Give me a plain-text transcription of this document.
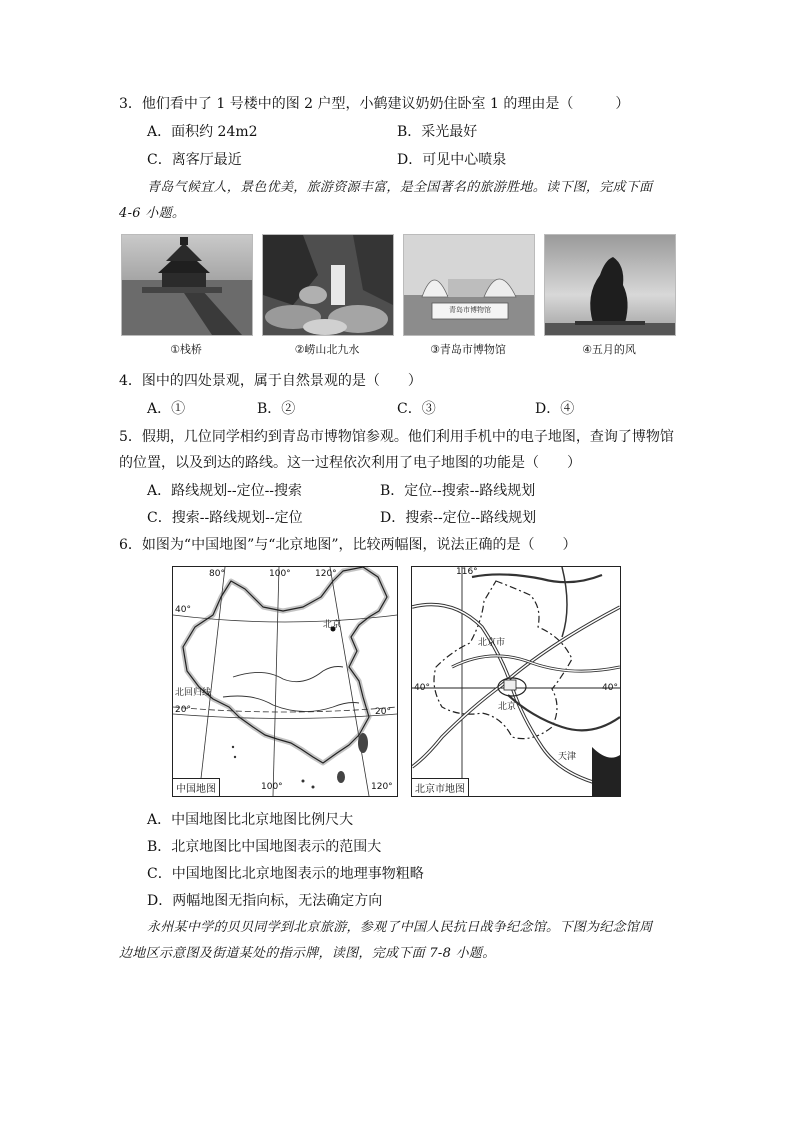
3．他们看中了 1 号楼中的图 2 户型，小鹤建议奶奶住卧室 1 的理由是（　　　）
A．面积约 24m2	B．采光最好
C．离客厅最近	D．可见中心喷泉
青岛气候宜人，景色优美，旅游资源丰富，是全国著名的旅游胜地。读下图，完成下面
4-6 小题。
①栈桥	②崂山北九水
青岛市博物馆
③青岛市博物馆	④五月的风
4．图中的四处景观，属于自然景观的是（　　）
A．①	B．②	C．③	D．④
5．假期，几位同学相约到青岛市博物馆参观。他们利用手机中的电子地图，查询了博物馆
的位置，以及到达的路线。这一过程依次利用了电子地图的功能是（　　）
A．路线规划--定位--搜索	B．定位--搜索--路线规划
C．搜索--路线规划--定位	D．搜索--定位--路线规划
6．如图为“中国地图”与“北京地图”，比较两幅图，说法正确的是（　　）
80°	100°	120°
40°
北京
北回归线
20°	20°
100°	120°
中国地图
116°
北京市
40°	40°
北京
天津
北京市地图
A．中国地图比北京地图比例尺大
B．北京地图比中国地图表示的范围大
C．中国地图比北京地图表示的地理事物粗略
D．两幅地图无指向标，无法确定方向
永州某中学的贝贝同学到北京旅游，参观了中国人民抗日战争纪念馆。下图为纪念馆周
边地区示意图及街道某处的指示牌，读图，完成下面 7-8 小题。
